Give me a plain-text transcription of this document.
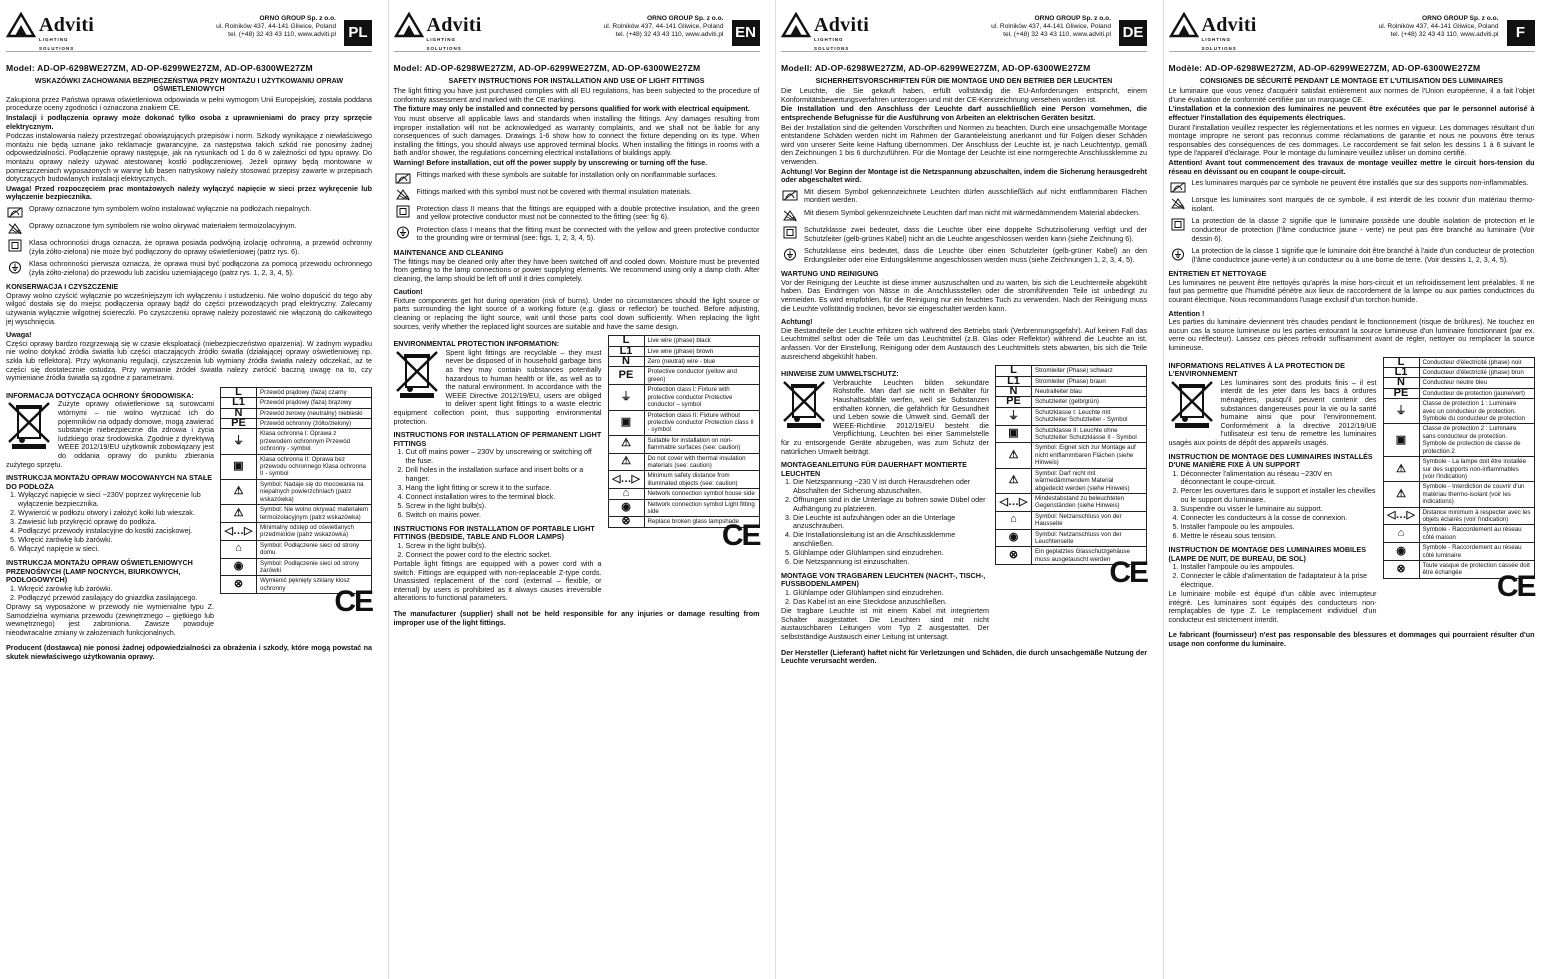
Adviti
LIGHTING SOLUTIONS
ORNO GROUP Sp. z o.o.
ul. Rolników 437, 44-141 Gliwice, Poland
tel. (+48) 32 43 43 110, www.adviti.pl PL
Model: AD-OP-6298WE27ZM, AD-OP-6299WE27ZM, AD-OP-6300WE27ZM
WSKAZÓWKI ZACHOWANIA BEZPIECZEŃSTWA PRZY MONTAŻU I UŻYTKOWANIU OPRAW OŚWIETLENIOWYCH
Zakupiona przez Państwa oprawa oświetleniowa odpowiada w pełni wymogom Unii Europejskiej, została poddana procedurze oceny zgodności i oznaczona znakiem CE.
Instalacji i podłączenia oprawy może dokonać tylko osoba z uprawnieniami do pracy przy sprzęcie elektrycznym.
Podczas instalowania należy przestrzegać obowiązujących przepisów i norm. Szkody wynikające z niewłaściwego montażu nie będą uznane jako reklamacje gwarancyjne, za następstwa takich szkód nie ponosimy żadnej odpowiedzialności. Podłączenie oprawy następuje, jak na rysunkach od 1 do 6 w zależności od typu oprawy. Do montażu oprawy należy używać atestowanej kostki podłączeniowej. Jeżeli oprawy będą montowane w pomieszczeniach wyposażonych w wannę lub basen natryskowy należy stosować przepisy zawarte w przepisach dotyczących budowlanych instalacji elektrycznych.
Uwaga! Przed rozpoczęciem prac montażowych należy wyłączyć napięcie w sieci przez wykręcenie lub wyłączenie bezpiecznika.
Oprawy oznaczone tym symbolem wolno instalować wyłącznie na podłożach niepalnych.
Oprawy oznaczone tym symbolem nie wolno okrywać materiałem termoizolacyjnym.
Klasa ochronności druga oznacza, że oprawa posiada podwójną izolację ochronną, a przewód ochronny (żyła żółto-zielona) nie może być podłączony do oprawy oświetleniowej (patrz rys. 6).
Klasa ochronności pierwsza oznacza, że oprawa musi być podłączona za pomocą przewodu ochronnego (żyła żółto-zielona) do przewodu lub zacisku uziemiającego (patrz rys. 1, 2, 3, 4, 5).
KONSERWACJA I CZYSZCZENIE
Oprawy wolno czyścić wyłącznie po wcześniejszym ich wyłączeniu i ostudzeniu. Nie wolno dopuścić do tego aby wilgoć dostała się do miejsc podłączenia oprawy bądź do części przewodzących prąd elektryczny. Zalecamy używania wyłącznie wilgotnej ściereczki. Po czyszczeniu oprawę należy pozostawić nie włączoną do całkowitego jej wyschnięcia.
Uwaga!
Części oprawy bardzo rozgrzewają się w czasie eksploatacji (niebezpieczeństwo oparzenia). W żadnym wypadku nie wolno dotykać źródła światła lub części otaczających źródło światła (działającej oprawy oświetleniowej np. szkła lub reflektora). Przy wykonaniu regulacji, czyszczenia lub wymiany źródła światła należy odczekać, aż te części się dostatecznie ostudzą. Przy wymianie źródeł światła należy zwrócić baczną uwagę na to, czy wymieniane źródła światła są zgodne z parametrami.
INFORMACJA DOTYCZĄCA OCHRONY ŚRODOWISKA:
Zużyte oprawy oświetleniowe są surowcami wtórnymi – nie wolno wyrzucać ich do pojemników na odpady domowe, mogą zawierać substancje niebezpieczne dla zdrowia i życia ludzkiego oraz środowiska. Zgodnie z dyrektywą WEEE 2012/19/EU użytkownik zobowiązany jest do oddania oprawy do punktu zbierania zużytego sprzętu.
INSTRUKCJA MONTAŻU OPRAW MOCOWANYCH NA STAŁE DO PODŁOŻA
1. Wyłączyć napięcie w sieci ~230V poprzez wykręcenie lub wyłączenie bezpiecznika.
2. Wywiercić w podłożu otwory i założyć kołki lub wieszak.
3. Zawiesić lub przykręcić oprawę do podłoża.
4. Podłączyć przewody instalacyjne do kostki zaciskowej.
5. Wkręcić żarówkę lub żarówki.
6. Włączyć napięcie w sieci.
INSTRUKCJA MONTAŻU OPRAW OŚWIETLENIOWYCH PRZENOŚNYCH (LAMP NOCNYCH, BIURKOWYCH, PODŁOGOWYCH)
1. Wkręcić żarówkę lub żarówki.
2. Podłączyć przewód zasilający do gniazdka zasilającego.
Oprawy są wyposażone w przewody nie wymienialne typu Z. Samodzielna wymiana przewodu (zewnętrznego – giętkiego lub wewnętrznego) jest zabroniona. Zawsze powoduje nieodwracalne zmiany w założeniach funkcjonalnych.
L	Przewód prądowy (faza) czarny
L1	Przewód prądowy (faza) brązowy
N	Przewód zerowy (neutralny) niebieski
PE	Przewód ochronny (żółto/zielony)
⏚	Klasa ochronna I: Oprawa z przewodem ochronnym Przewód ochronny - symbol
▣	Klasa ochronna II: Oprawa bez przewodu ochronnego Klasa ochronna II - symbol
⚠	Symbol: Nadaje się do mocowania na niepalnych powierzchniach (patrz wskazówka)
⚠	Symbol: Nie wolno okrywać materiałem termoizolacyjnym (patrz wskazówka)
◁…▷	Minimalny odstęp od oświetlanych przedmiotów (patrz wskazówka)
⌂	Symbol: Podłączenie sieci od strony domu
◉	Symbol: Podłączenie sieci od strony żarówki
⊗	Wymienić pęknięty szklany klosz ochronny	CE
Producent (dostawca) nie ponosi żadnej odpowiedzialności za obrażenia i szkody, które mogą powstać na skutek niewłaściwego użytkowania oprawy.
Adviti
LIGHTING SOLUTIONS
ORNO GROUP Sp. z o.o.
ul. Rolników 437, 44-141 Gliwice, Poland
tel. (+48) 32 43 43 110, www.adviti.pl EN
Model: AD-OP-6298WE27ZM, AD-OP-6299WE27ZM, AD-OP-6300WE27ZM
SAFETY INSTRUCTIONS FOR INSTALLATION AND USE OF LIGHT FITTINGS
The light fitting you have just purchased complies with all EU regulations, has been subjected to the procedure of conformity assessment and marked with the CE marking.
The fixture may only be installed and connected by persons qualified for work with electrical equipment.
You must observe all applicable laws and standards when installing the fittings. Any damages resulting from improper installation will not be acknowledged as warranty complaints, and we shall not be liable for any consequences of such damages. Drawings 1-6 show how to connect the fixture depending on its type. When installing the fittings, you should always use approved terminal blocks. When installing the fittings in rooms with a bath and/or shower, the regulations concerning electrical installations of buildings apply.
Warning! Before installation, cut off the power supply by unscrewing or turning off the fuse.
Fittings marked with these symbols are suitable for installation only on nonflammable surfaces.
Fittings marked with this symbol must not be covered with thermal insulation materials.
Protection class II means that the fittings are equipped with a double protective insulation, and the green and yellow protective conductor must not be connected to the fitting (see: fig 6).
Protection class I means that the fitting must be connected with the yellow and green protective conductor to the grounding wire or terminal (see: figs. 1, 2, 3, 4, 5).
MAINTENANCE AND CLEANING
The fittings may be cleaned only after they have been switched off and cooled down. Moisture must be prevented from getting to the lamp connections or power supplying elements. We recommend using only a damp cloth. After cleaning, the lamp should be left off until it dries completely.
Caution!
Fixture components get hot during operation (risk of burns). Under no circumstances should the light source or parts surrounding the light source of a working fixture (e.g. glass or reflector) be touched. Before adjusting, cleaning or replacing the light source, wait until those parts cool down sufficiently. When replacing the light sources, verify whether the replaced light sources are suitable and have the same design.
ENVIRONMENTAL PROTECTION INFORMATION:
Spent light fittings are recyclable – they must never be disposed of in household garbage bins as they may contain substances potentially hazardous to human health or life, as well as to the natural environment. In accordance with the WEEE Directive 2012/19/EU, users are obliged to deliver spent light fittings to a waste electric equipment collection point, thus supporting environmental protection.
INSTRUCTIONS FOR INSTALLATION OF PERMANENT LIGHT FITTINGS
1. Cut off mains power – 230V by unscrewing or switching off the fuse.
2. Drill holes in the installation surface and insert bolts or a hanger.
3. Hang the light fitting or screw it to the surface.
4. Connect installation wires to the terminal block.
5. Screw in the light bulb(s).
6. Switch on mains power.
INSTRUCTIONS FOR INSTALLATION OF PORTABLE LIGHT FITTINGS (BEDSIDE, TABLE AND FLOOR LAMPS)
1. Screw in the light bulb(s).
2. Connect the power cord to the electric socket.
Portable light fittings are equipped with a power cord with a switch. Fittings are equipped with non-replaceable Z-type cords. Unassisted replacement of the cord (external – flexible, or internal) by users is prohibited as it always causes irreversible alterations to functional parameters.
L	Live wire (phase) black
L1	Live wire (phase) brown
N	Zero (neutral) wire - blue
PE	Protective conductor (yellow and green)
⏚	Protection class I: Fixture with protective conductor Protective conductor – symbol
▣	Protection class II: Fixture without protective conductor Protection class II - symbol
⚠	Suitable for installation on non-flammable surfaces (see: caution)
⚠	Do not cover with thermal insulation materials (see: caution)
◁…▷	Minimum safety distance from illuminated objects (see: caution)
⌂	Network connection symbol house side
◉	Network connection symbol Light fitting side
⊗	Replace broken glass lampshade
CE
The manufacturer (supplier) shall not be held responsible for any injuries or damage resulting from improper use of the light fittings.
Adviti
LIGHTING SOLUTIONS
ORNO GROUP Sp. z o.o.
ul. Rolników 437, 44-141 Gliwice, Poland
tel. (+48) 32 43 43 110, www.adviti.pl DE
Modell: AD-OP-6298WE27ZM, AD-OP-6299WE27ZM, AD-OP-6300WE27ZM
SICHERHEITSVORSCHRIFTEN FÜR DIE MONTAGE UND DEN BETRIEB DER LEUCHTEN
Die Leuchte, die Sie gekauft haben, erfüllt vollständig die EU-Anforderungen entspricht, einem Konformitätsbewertungsverfahren unterzogen und mit der CE-Kennzeichnung versehen worden ist.
Die Installation und den Anschluss der Leuchte darf ausschließlich eine Person vornehmen, die entsprechende Befugnisse für die Ausführung von Arbeiten an elektrischen Geräten besitzt.
Bei der Installation sind die geltenden Vorschriften und Normen zu beachten. Durch eine unsachgemäße Montage entstandene Schäden werden nicht im Rahmen der Garantieleistung anerkannt und für Folgen dieser Schäden wird von unserer Seite keine Haftung übernommen. Der Anschluss der Leuchte ist, je nach Leuchtentyp, gemäß den Zeichnungen 1 bis 6 durchzuführen. Für die Montage der Leuchte ist eine normgerechte Anschlussklemme zu verwenden.
Achtung! Vor Beginn der Montage ist die Netzspannung abzuschalten, indem die Sicherung herausgedreht oder abgeschaltet wird.
Mit diesem Symbol gekennzeichnete Leuchten dürfen ausschließlich auf nicht entflammbaren Flächen montiert werden.
Mit diesem Symbol gekennzeichnete Leuchten darf man nicht mit wärmedämmendem Material abdecken.
Schutzklasse zwei bedeutet, dass die Leuchte über eine doppelte Schutzisolierung verfügt und der Schutzleiter (gelb-grünes Kabel) nicht an die Leuchte angeschlossen werden kann (siehe Zeichnung 6).
Schutzklasse eins bedeutet, dass die Leuchte über einen Schutzleiter (gelb-grüner Kabel) an den Erdungsleiter oder eine Erdungsklemme angeschlossen werden muss (siehe Zeichnungen 1, 2, 3, 4, 5).
WARTUNG UND REINIGUNG
Vor der Reinigung der Leuchte ist diese immer auszuschalten und zu warten, bis sich die Leuchtenteile abgekühlt haben. Das Eindringen von Nässe in die Anschlussstellen oder die stromführenden Teile ist unbedingt zu vermeiden. Es wird empfohlen, für die Reinigung nur ein feuchtes Tuch zu verwenden. Nach der Reinigung muss die Leuchte vollständig trocknen, bevor sie eingeschaltet werden kann.
Achtung!
Die Bestandteile der Leuchte erhitzen sich während des Betriebs stark (Verbrennungsgefahr). Auf keinen Fall das Leuchtmittel selbst oder die Teile um das Leuchtmittel (z.B. Glas oder Reflektor) während die Leuchte an ist, anfassen. Vor der Einstellung, Reinigung oder dem Austausch des Leuchtmittels stets abwarten, bis sich die Teile ausreichend abgekühlt haben.
HINWEISE ZUM UMWELTSCHUTZ:
Verbrauchte Leuchten bilden sekundäre Rohstoffe. Man darf sie nicht in Behälter für Haushaltsabfälle werfen, weil sie Substanzen enthalten können, die gefährlich für Gesundheit und Leben sowie die Umwelt sind. Gemäß der WEEE-Richtlinie 2012/19/EU besteht die Verpflichtung, Leuchten bei einer Sammelstelle für zu entsorgende Geräte abzugeben, was zum Schutz der natürlichen Umwelt beiträgt.
MONTAGEANLEITUNG FÜR DAUERHAFT MONTIERTE LEUCHTEN
1. Die Netzspannung ~230 V ist durch Herausdrehen oder Abschalten der Sicherung abzuschalten.
2. Öffnungen sind in die Unterlage zu bohren sowie Dübel oder Aufhängung zu platzieren.
3. Die Leuchte ist aufzuhängen oder an die Unterlage anzuschrauben.
4. Die Installationsleitung ist an die Anschlussklemme anschließen.
5. Glühlampe oder Glühlampen sind einzudrehen.
6. Die Netzspannung ist einzuschalten.
MONTAGE VON TRAGBAREN LEUCHTEN (NACHT-, TISCH-, FUSSBODENLAMPEN)
1. Glühlampe oder Glühlampen sind einzudrehen.
2. Das Kabel ist an eine Steckdose anzuschließen.
Die tragbare Leuchte ist mit einem Kabel mit integriertem Schalter ausgestattet. Die Leuchten sind mit nicht austauschbaren Leitungen vom Typ Z ausgestattet. Der selbstständige Austausch einer Leitung ist untersagt.
L	Stromleiter (Phase) schwarz
L1	Stromleiter (Phase) braun
N	Neutralleiter blau
PE	Schutzleiter (gelb/grün)
⏚	Schutzklasse I: Leuchte mit Schutzleiter Schutzleiter - Symbol
▣	Schutzklasse II: Leuchte ohne Schutzleiter Schutzklasse II - Symbol
⚠	Symbol: Eignet sich zur Montage auf nicht entflammbaren Flächen (siehe Hinweis)
⚠	Symbol: Darf nicht mit wärmedämmendem Material abgedeckt werden (siehe Hinweis)
◁…▷	Mindestabstand zu beleuchteten Gegenständen (siehe Hinweis)
⌂	Symbol: Netzanschluss von der Hausseite
◉	Symbol: Netzanschluss von der Leuchtenseite
⊗	Ein geplatztes Glasschutzgehäuse muss ausgetauscht werden
CE
Der Hersteller (Lieferant) haftet nicht für Verletzungen und Schäden, die durch unsachgemäße Nutzung der Leuchte verursacht werden.
Adviti
LIGHTING SOLUTIONS
ORNO GROUP Sp. z o.o.
ul. Rolników 437, 44-141 Gliwice, Poland
tel. (+48) 32 43 43 110, www.adviti.pl	F
Modèle: AD-OP-6298WE27ZM, AD-OP-6299WE27ZM, AD-OP-6300WE27ZM
CONSIGNES DE SÉCURITÉ PENDANT LE MONTAGE ET L'UTILISATION DES LUMINAIRES
Le luminaire que vous venez d'acquérir satisfait entièrement aux normes de l'Union européenne, il a fait l'objet d'une évaluation de conformité certifiée par un marquage CE.
L'installation et la connexion des luminaires ne peuvent être exécutées que par le personnel autorisé à effectuer l'installation des équipements électriques.
Durant l'installation veuillez respecter les réglementations et les normes en vigueur. Les dommages résultant d'un montage impropre ne seront pas reconnus comme réclamations de garantie et nous ne pouvons être tenus responsables des conséquences de ces dommages. Le raccordement se fait selon les dessins 1 à 6 suivant le type de l'appareil d'éclairage. Pour le montage du luminaire veuillez utiliser un domino certifié.
Attention! Avant tout commencement des travaux de montage veuillez mettre le circuit hors-tension du réseau en dévissant ou en coupant le coupe-circuit.
Les luminaires marqués par ce symbole ne peuvent être installés que sur des supports non-inflammables.
Lorsque les luminaires sont marqués de ce symbole, il est interdit de les couvrir d'un matériau thermo-isolant.
La protection de la classe 2 signifie que le luminaire possède une double isolation de protection et le conducteur de protection (l'âme conductrice jaune - verte) ne peut pas être branché au luminaire (Voir dessin 6).
La protection de la classe 1 signifie que le luminaire doit être branché à l'aide d'un conducteur de protection (l'âme conductrice jaune-verte) à un conducteur ou à une borne de terre. (Voir dessins 1, 2, 3, 4, 5).
ENTRETIEN ET NETTOYAGE
Les luminaires ne peuvent être nettoyés qu'après la mise hors-circuit et un refroidissement lent préalables. Il ne faut pas permettre que l'humidité pénètre aux lieux de raccordement de la lampe ou aux parties conductrices du courant électrique. Nous recommandons l'usage exclusif d'un torchon humide.
Attention !
Les parties du luminaire deviennent très chaudes pendant le fonctionnement (risque de brûlures). Ne touchez en aucun cas la source lumineuse ou les parties entourant la source lumineuse d'un luminaire fonctionnant (par ex. verre ou réflecteur). Laissez ces pièces refroidir suffisamment avant de régler, nettoyer ou remplacer la source lumineuse.
INFORMATIONS RELATIVES À LA PROTECTION DE L'ENVIRONNEMENT
Les luminaires sont des produits finis – il est interdit de les jeter dans les bacs à ordures ménagères, puisqu'il peuvent contenir des substances dangereuses pour la vie ou la santé humaine ainsi que pour l'environnement. Conformément à la directive 2012/19/UE l'utilisateur est tenu de remettre les luminaires usagés aux points de dépôt des appareils usagés.
INSTRUCTION DE MONTAGE DES LUMINAIRES INSTALLÉS D'UNE MANIÈRE FIXE À UN SUPPORT
1. Déconnecter l'alimentation au réseau ~230V en déconnectant le coupe-circuit.
2. Percer les ouvertures dans le support et installer les chevilles ou le support du luminaire.
3. Suspendre ou visser le luminaire au support.
4. Connecter les conducteurs à la cosse de connexion.
5. Installer l'ampoule ou les ampoules.
6. Mettre le réseau sous tension.
INSTRUCTION DE MONTAGE DES LUMINAIRES MOBILES (LAMPE DE NUIT, DE BUREAU, DE SOL)
1. Installer l'ampoule ou les ampoules.
2. Connecter le câble d'alimentation de l'adaptateur à la prise électrique.
Le luminaire mobile est équipé d'un câble avec interrupteur intégré. Les luminaires sont équipés des conducteurs non-remplaçables de type Z. Le remplacement individuel d'un conducteur est strictement interdit.
L	Conducteur d'électricité (phase) noir
L1	Conducteur d'électricité (phase) brun
N	Conducteur neutre bleu
PE	Conducteur de protection (jaune/vert)
⏚	Classe de protection 1 : Luminaire avec un conducteur de protection. Symbole du conducteur de protection
▣	Classe de protection 2 : Luminaire sans conducteur de protection. Symbole de protection de classe de protection 2
⚠	Symbole - La lampe doit être installée sur des supports non-inflammables (voir l'indication)
⚠	Symbole - Interdiction de couvrir d'un matériau thermo-isolant (voir les indications)
◁…▷	Distance minimum à respecter avec les objets éclairés (voir l'indication)
⌂	Symbole - Raccordement au réseau côté maison
◉	Symbole - Raccordement au réseau côté luminaire
⊗	Toute vasque de protection cassée doit être échangée	CE
Le fabricant (fournisseur) n'est pas responsable des blessures et dommages qui pourraient résulter d'un usage non conforme du luminaire.
